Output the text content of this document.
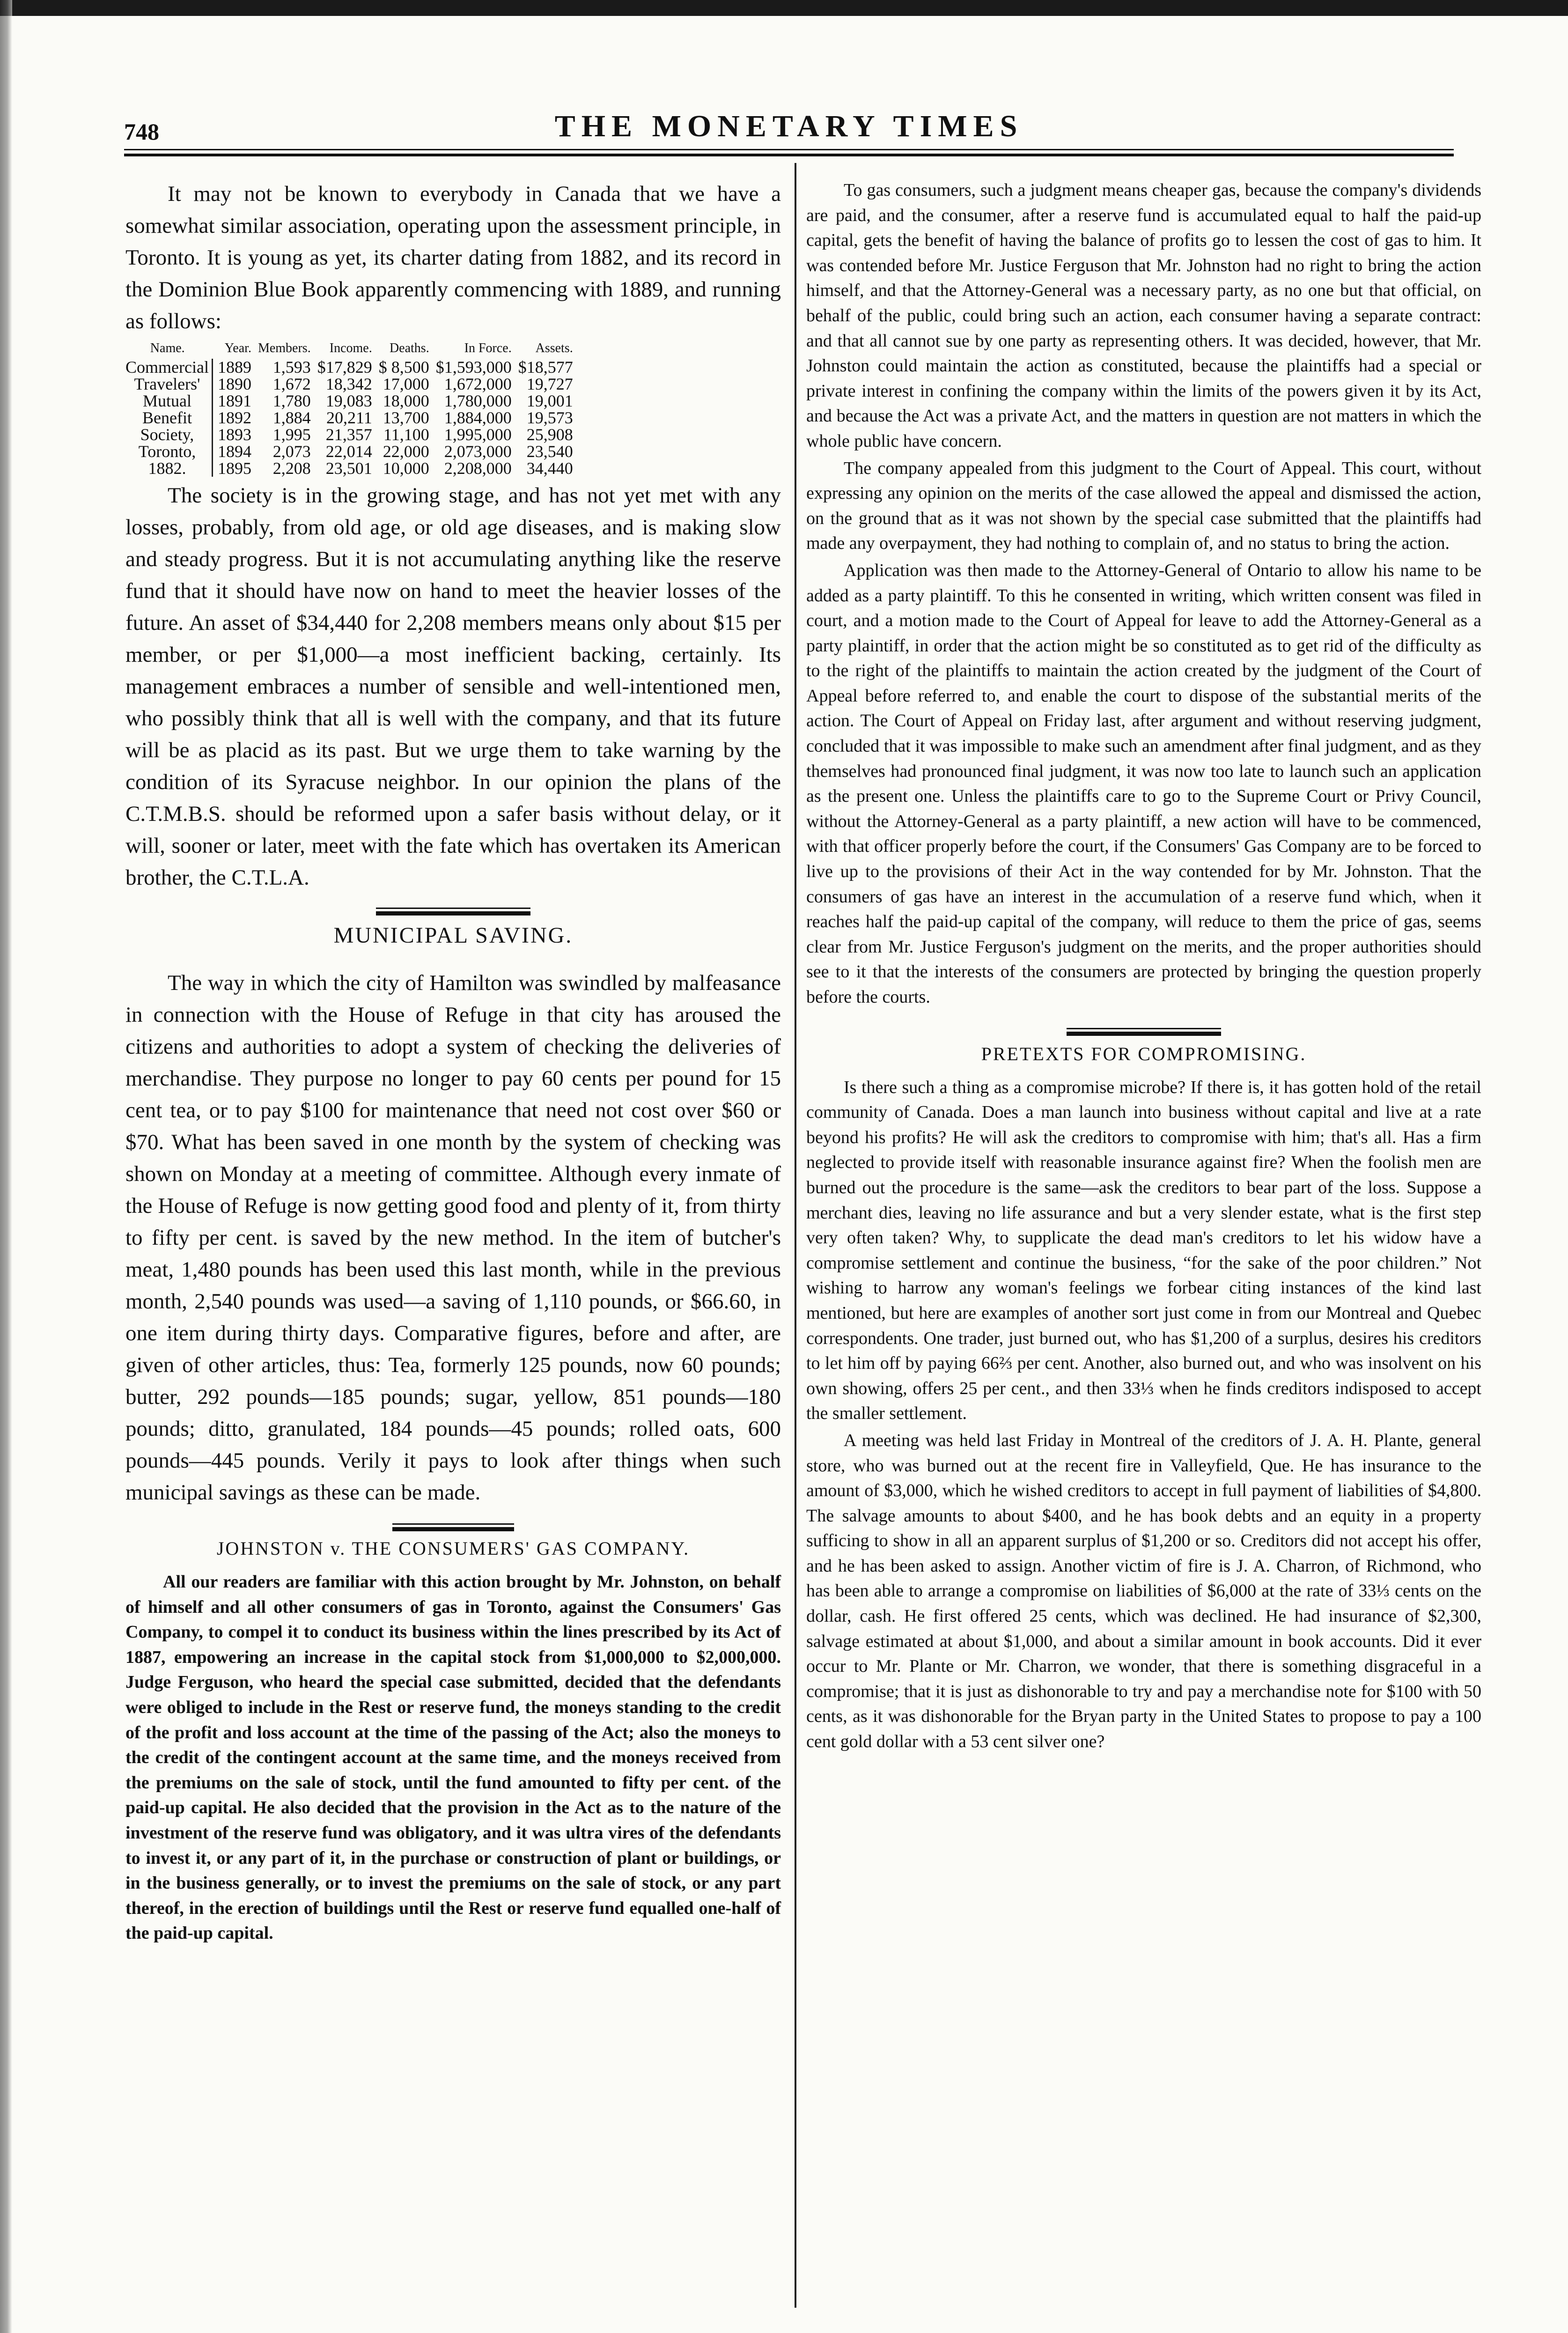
748	THE MONETARY TIMES

It may not be known to everybody in Canada that we have a somewhat similar association, operating upon the assessment principle, in Toronto. It is young as yet, its charter dating from 1882, and its record in the Dominion Blue Book apparently commencing with 1889, and running as follows:

Name.	Year.	Members.	Income.	Deaths.	In Force.	Assets.
Commercial	1889	1,593	$17,829	$ 8,500	$1,593,000	$18,577
Travelers'	1890	1,672	18,342	17,000	1,672,000	19,727
Mutual	1891	1,780	19,083	18,000	1,780,000	19,001
Benefit	1892	1,884	20,211	13,700	1,884,000	19,573
Society,	1893	1,995	21,357	11,100	1,995,000	25,908
Toronto,	1894	2,073	22,014	22,000	2,073,000	23,540
1882.	1895	2,208	23,501	10,000	2,208,000	34,440

The society is in the growing stage, and has not yet met with any losses, probably, from old age, or old age diseases, and is making slow and steady progress. But it is not accumulating anything like the reserve fund that it should have now on hand to meet the heavier losses of the future. An asset of $34,440 for 2,208 members means only about $15 per member, or per $1,000—a most inefficient backing, certainly. Its management embraces a number of sensible and well-intentioned men, who possibly think that all is well with the company, and that its future will be as placid as its past. But we urge them to take warning by the condition of its Syracuse neighbor. In our opinion the plans of the C.T.M.B.S. should be reformed upon a safer basis without delay, or it will, sooner or later, meet with the fate which has overtaken its American brother, the C.T.L.A.

MUNICIPAL SAVING.

The way in which the city of Hamilton was swindled by malfeasance in connection with the House of Refuge in that city has aroused the citizens and authorities to adopt a system of checking the deliveries of merchandise. They purpose no longer to pay 60 cents per pound for 15 cent tea, or to pay $100 for maintenance that need not cost over $60 or $70. What has been saved in one month by the system of checking was shown on Monday at a meeting of committee. Although every inmate of the House of Refuge is now getting good food and plenty of it, from thirty to fifty per cent. is saved by the new method. In the item of butcher's meat, 1,480 pounds has been used this last month, while in the previous month, 2,540 pounds was used—a saving of 1,110 pounds, or $66.60, in one item during thirty days. Comparative figures, before and after, are given of other articles, thus: Tea, formerly 125 pounds, now 60 pounds; butter, 292 pounds—185 pounds; sugar, yellow, 851 pounds—180 pounds; ditto, granulated, 184 pounds—45 pounds; rolled oats, 600 pounds—445 pounds. Verily it pays to look after things when such municipal savings as these can be made.

JOHNSTON v. THE CONSUMERS' GAS COMPANY.

All our readers are familiar with this action brought by Mr. Johnston, on behalf of himself and all other consumers of gas in Toronto, against the Consumers' Gas Company, to compel it to conduct its business within the lines prescribed by its Act of 1887, empowering an increase in the capital stock from $1,000,000 to $2,000,000. Judge Ferguson, who heard the special case submitted, decided that the defendants were obliged to include in the Rest or reserve fund, the moneys standing to the credit of the profit and loss account at the time of the passing of the Act; also the moneys to the credit of the contingent account at the same time, and the moneys received from the premiums on the sale of stock, until the fund amounted to fifty per cent. of the paid-up capital. He also decided that the provision in the Act as to the nature of the investment of the reserve fund was obligatory, and it was ultra vires of the defendants to invest it, or any part of it, in the purchase or construction of plant or buildings, or in the business generally, or to invest the premiums on the sale of stock, or any part thereof, in the erection of buildings until the Rest or reserve fund equalled one-half of the paid-up capital.

To gas consumers, such a judgment means cheaper gas, because the company's dividends are paid, and the consumer, after a reserve fund is accumulated equal to half the paid-up capital, gets the benefit of having the balance of profits go to lessen the cost of gas to him. It was contended before Mr. Justice Ferguson that Mr. Johnston had no right to bring the action himself, and that the Attorney-General was a necessary party, as no one but that official, on behalf of the public, could bring such an action, each consumer having a separate contract: and that all cannot sue by one party as representing others. It was decided, however, that Mr. Johnston could maintain the action as constituted, because the plaintiffs had a special or private interest in confining the company within the limits of the powers given it by its Act, and because the Act was a private Act, and the matters in question are not matters in which the whole public have concern.

The company appealed from this judgment to the Court of Appeal. This court, without expressing any opinion on the merits of the case allowed the appeal and dismissed the action, on the ground that as it was not shown by the special case submitted that the plaintiffs had made any overpayment, they had nothing to complain of, and no status to bring the action.

Application was then made to the Attorney-General of Ontario to allow his name to be added as a party plaintiff. To this he consented in writing, which written consent was filed in court, and a motion made to the Court of Appeal for leave to add the Attorney-General as a party plaintiff, in order that the action might be so constituted as to get rid of the difficulty as to the right of the plaintiffs to maintain the action created by the judgment of the Court of Appeal before referred to, and enable the court to dispose of the substantial merits of the action. The Court of Appeal on Friday last, after argument and without reserving judgment, concluded that it was impossible to make such an amendment after final judgment, and as they themselves had pronounced final judgment, it was now too late to launch such an application as the present one. Unless the plaintiffs care to go to the Supreme Court or Privy Council, without the Attorney-General as a party plaintiff, a new action will have to be commenced, with that officer properly before the court, if the Consumers' Gas Company are to be forced to live up to the provisions of their Act in the way contended for by Mr. Johnston. That the consumers of gas have an interest in the accumulation of a reserve fund which, when it reaches half the paid-up capital of the company, will reduce to them the price of gas, seems clear from Mr. Justice Ferguson's judgment on the merits, and the proper authorities should see to it that the interests of the consumers are protected by bringing the question properly before the courts.

PRETEXTS FOR COMPROMISING.

Is there such a thing as a compromise microbe? If there is, it has gotten hold of the retail community of Canada. Does a man launch into business without capital and live at a rate beyond his profits? He will ask the creditors to compromise with him; that's all. Has a firm neglected to provide itself with reasonable insurance against fire? When the foolish men are burned out the procedure is the same—ask the creditors to bear part of the loss. Suppose a merchant dies, leaving no life assurance and but a very slender estate, what is the first step very often taken? Why, to supplicate the dead man's creditors to let his widow have a compromise settlement and continue the business, “for the sake of the poor children.” Not wishing to harrow any woman's feelings we forbear citing instances of the kind last mentioned, but here are examples of another sort just come in from our Montreal and Quebec correspondents. One trader, just burned out, who has $1,200 of a surplus, desires his creditors to let him off by paying 66⅔ per cent. Another, also burned out, and who was insolvent on his own showing, offers 25 per cent., and then 33⅓ when he finds creditors indisposed to accept the smaller settlement.

A meeting was held last Friday in Montreal of the creditors of J. A. H. Plante, general store, who was burned out at the recent fire in Valleyfield, Que. He has insurance to the amount of $3,000, which he wished creditors to accept in full payment of liabilities of $4,800. The salvage amounts to about $400, and he has book debts and an equity in a property sufficing to show in all an apparent surplus of $1,200 or so. Creditors did not accept his offer, and he has been asked to assign. Another victim of fire is J. A. Charron, of Richmond, who has been able to arrange a compromise on liabilities of $6,000 at the rate of 33⅓ cents on the dollar, cash. He first offered 25 cents, which was declined. He had insurance of $2,300, salvage estimated at about $1,000, and about a similar amount in book accounts. Did it ever occur to Mr. Plante or Mr. Charron, we wonder, that there is something disgraceful in a compromise; that it is just as dishonorable to try and pay a merchandise note for $100 with 50 cents, as it was dishonorable for the Bryan party in the United States to propose to pay a 100 cent gold dollar with a 53 cent silver one?
